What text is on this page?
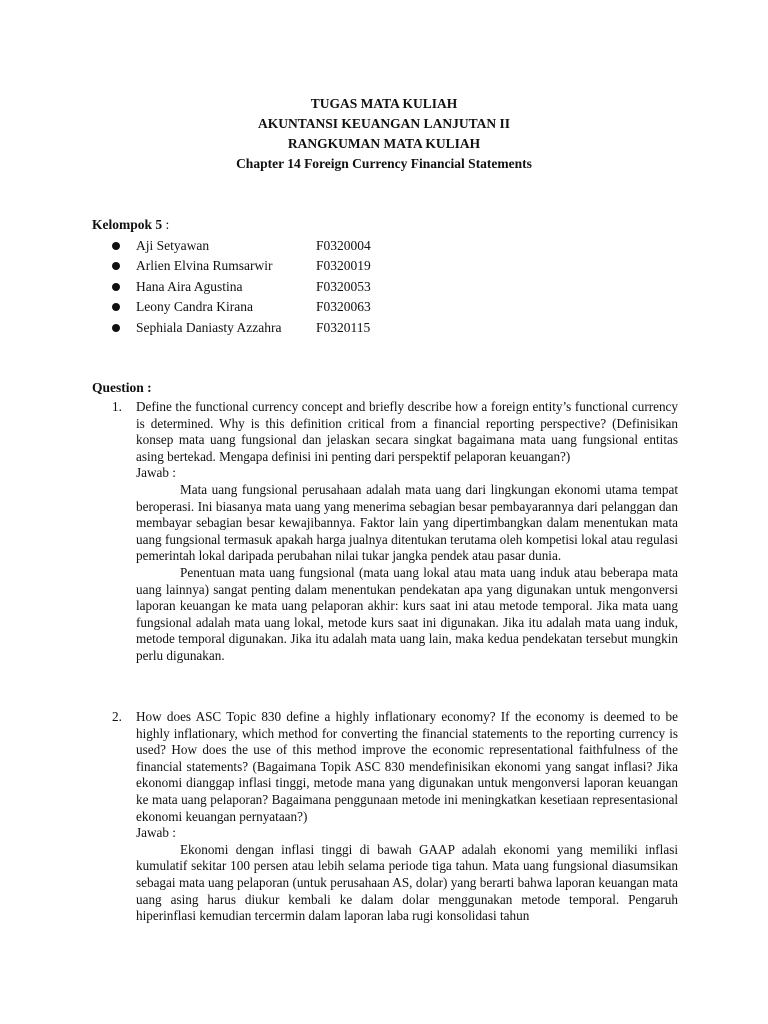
TUGAS MATA KULIAH
AKUNTANSI KEUANGAN LANJUTAN II
RANGKUMAN MATA KULIAH
Chapter 14 Foreign Currency Financial Statements
Kelompok 5 :
Aji Setyawan	F0320004
Arlien Elvina Rumsarwir	F0320019
Hana Aira Agustina	F0320053
Leony Candra Kirana	F0320063
Sephiala Daniasty Azzahra	F0320115
Question :
1. Define the functional currency concept and briefly describe how a foreign entity’s functional currency is determined. Why is this definition critical from a financial reporting perspective? (Definisikan konsep mata uang fungsional dan jelaskan secara singkat bagaimana mata uang fungsional entitas asing bertekad. Mengapa definisi ini penting dari perspektif pelaporan keuangan?)

Jawab :

Mata uang fungsional perusahaan adalah mata uang dari lingkungan ekonomi utama tempat beroperasi. Ini biasanya mata uang yang menerima sebagian besar pembayarannya dari pelanggan dan membayar sebagian besar kewajibannya. Faktor lain yang dipertimbangkan dalam menentukan mata uang fungsional termasuk apakah harga jualnya ditentukan terutama oleh kompetisi lokal atau regulasi pemerintah lokal daripada perubahan nilai tukar jangka pendek atau pasar dunia.

Penentuan mata uang fungsional (mata uang lokal atau mata uang induk atau beberapa mata uang lainnya) sangat penting dalam menentukan pendekatan apa yang digunakan untuk mengonversi laporan keuangan ke mata uang pelaporan akhir: kurs saat ini atau metode temporal. Jika mata uang fungsional adalah mata uang lokal, metode kurs saat ini digunakan. Jika itu adalah mata uang induk, metode temporal digunakan. Jika itu adalah mata uang lain, maka kedua pendekatan tersebut mungkin perlu digunakan.

2. How does ASC Topic 830 define a highly inflationary economy? If the economy is deemed to be highly inflationary, which method for converting the financial statements to the reporting currency is used? How does the use of this method improve the economic representational faithfulness of the financial statements? (Bagaimana Topik ASC 830 mendefinisikan ekonomi yang sangat inflasi? Jika ekonomi dianggap inflasi tinggi, metode mana yang digunakan untuk mengonversi laporan keuangan ke mata uang pelaporan? Bagaimana penggunaan metode ini meningkatkan kesetiaan representasional ekonomi keuangan pernyataan?)

Jawab :

Ekonomi dengan inflasi tinggi di bawah GAAP adalah ekonomi yang memiliki inflasi kumulatif sekitar 100 persen atau lebih selama periode tiga tahun. Mata uang fungsional diasumsikan sebagai mata uang pelaporan (untuk perusahaan AS, dolar) yang berarti bahwa laporan keuangan mata uang asing harus diukur kembali ke dalam dolar menggunakan metode temporal. Pengaruh hiperinflasi kemudian tercermin dalam laporan laba rugi konsolidasi tahun
